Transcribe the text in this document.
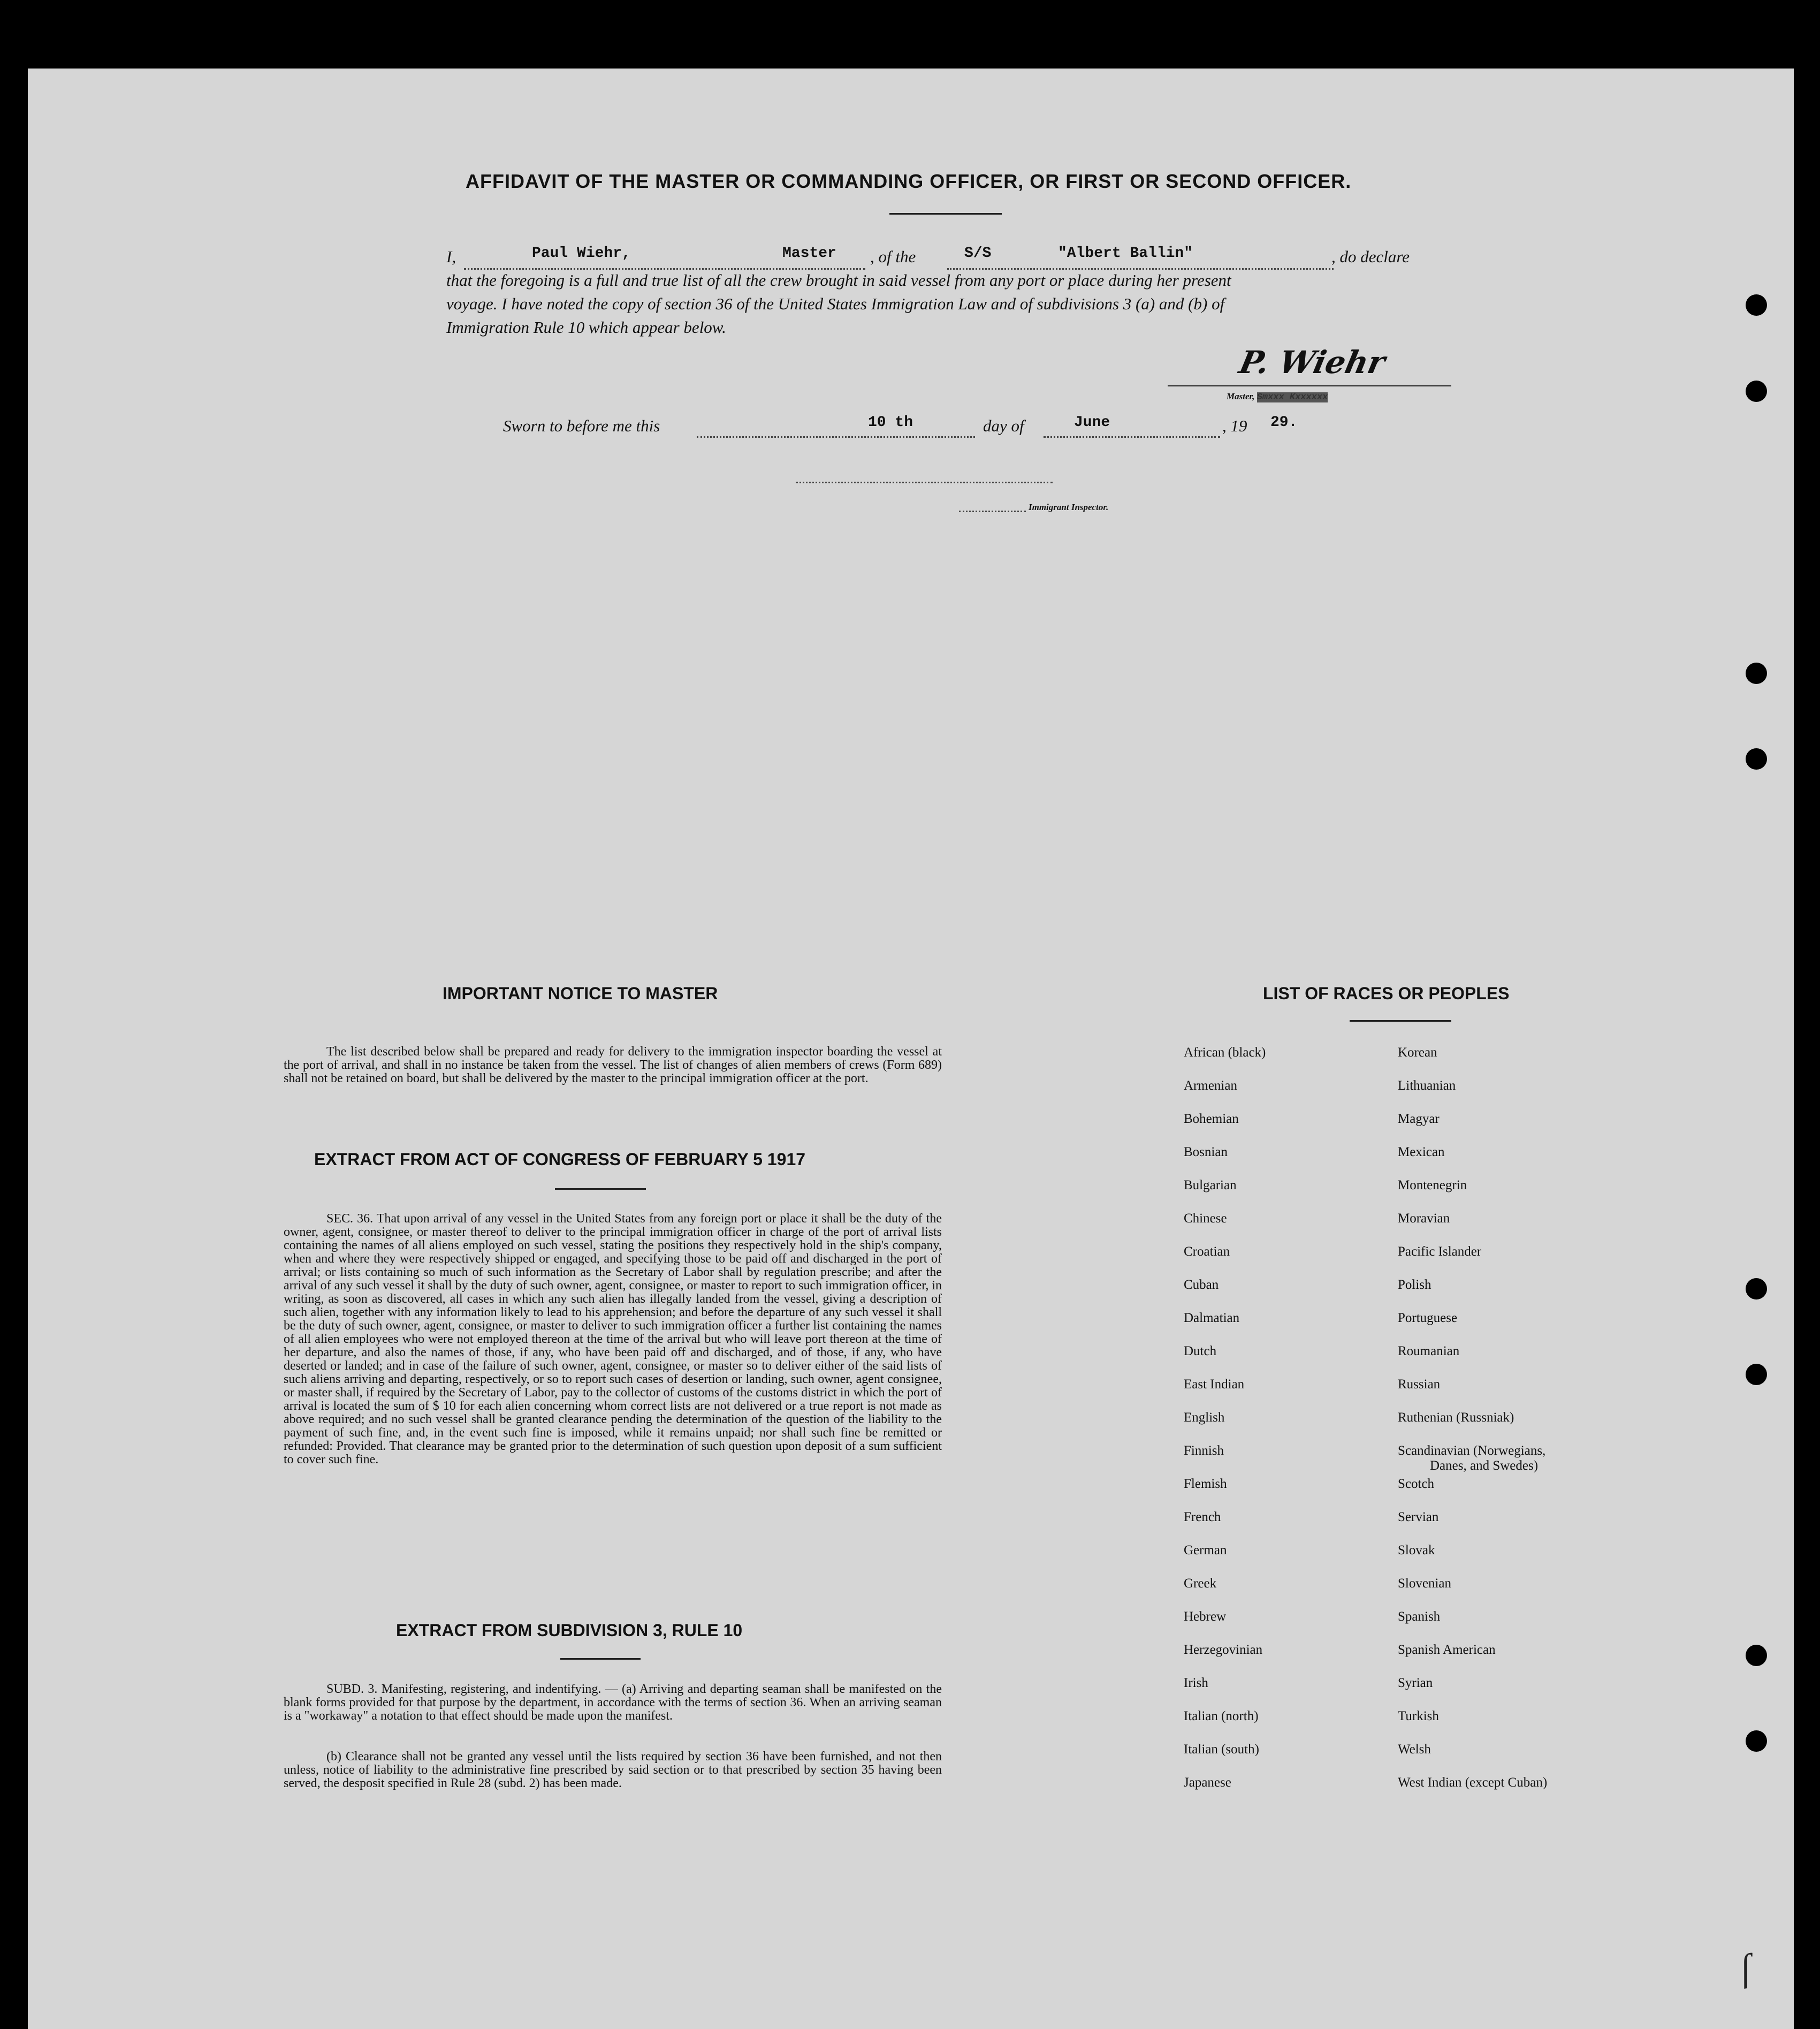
AFFIDAVIT OF THE MASTER OR COMMANDING OFFICER, OR FIRST OR SECOND OFFICER.
I,	Paul Wiehr,	Master , of the	S/S	"Albert Ballin"	, do declare
that the foregoing is a full and true list of all the crew brought in said vessel from any port or place during her present
voyage. I have noted the copy of section 36 of the United States Immigration Law and of subdivisions 3 (a) and (b) of
Immigration Rule 10 which appear below.
P. Wiehr
Master, Smxxx Kxxxxxx
Sworn to before me this	10 th	day of	June	, 19 29.
Immigrant Inspector.
IMPORTANT NOTICE TO MASTER
The list described below shall be prepared and ready for delivery to the immigration inspector boarding the vessel at the port of arrival, and shall in no instance be taken from the vessel. The list of changes of alien members of crews (Form 689) shall not be retained on board, but shall be delivered by the master to the principal immigration officer at the port.
EXTRACT FROM ACT OF CONGRESS OF FEBRUARY 5 1917
SEC. 36. That upon arrival of any vessel in the United States from any foreign port or place it shall be the duty of the owner, agent, consignee, or master thereof to deliver to the principal immigration officer in charge of the port of arrival lists containing the names of all aliens employed on such vessel, stating the positions they respectively hold in the ship's company, when and where they were respectively shipped or engaged, and specifying those to be paid off and discharged in the port of arrival; or lists containing so much of such information as the Secretary of Labor shall by regulation prescribe; and after the arrival of any such vessel it shall by the duty of such owner, agent, consignee, or master to report to such immigration officer, in writing, as soon as discovered, all cases in which any such alien has illegally landed from the vessel, giving a description of such alien, together with any information likely to lead to his apprehension; and before the departure of any such vessel it shall be the duty of such owner, agent, consignee, or master to deliver to such immigration officer a further list containing the names of all alien employees who were not employed thereon at the time of the arrival but who will leave port thereon at the time of her departure, and also the names of those, if any, who have been paid off and discharged, and of those, if any, who have deserted or landed; and in case of the failure of such owner, agent, consignee, or master so to deliver either of the said lists of such aliens arriving and departing, respectively, or so to report such cases of desertion or landing, such owner, agent consignee, or master shall, if required by the Secretary of Labor, pay to the collector of customs of the customs district in which the port of arrival is located the sum of $ 10 for each alien concerning whom correct lists are not delivered or a true report is not made as above required; and no such vessel shall be granted clearance pending the determination of the question of the liability to the payment of such fine, and, in the event such fine is imposed, while it remains unpaid; nor shall such fine be remitted or refunded: Provided. That clearance may be granted prior to the determination of such question upon deposit of a sum sufficient to cover such fine.
EXTRACT FROM SUBDIVISION 3, RULE 10
SUBD. 3. Manifesting, registering, and indentifying. — (a) Arriving and departing seaman shall be manifested on the blank forms provided for that purpose by the department, in accordance with the terms of section 36. When an arriving seaman is a "workaway" a notation to that effect should be made upon the manifest.
(b) Clearance shall not be granted any vessel until the lists required by section 36 have been furnished, and not then unless, notice of liability to the administrative fine prescribed by said section or to that prescribed by section 35 having been served, the desposit specified in Rule 28 (subd. 2) has been made.
LIST OF RACES OR PEOPLES
African (black)
Armenian
Bohemian
Bosnian
Bulgarian
Chinese
Croatian
Cuban
Dalmatian
Dutch
East Indian
English
Finnish
Flemish
French
German
Greek
Hebrew
Herzegovinian
Irish
Italian (north)
Italian (south)
Japanese
Korean
Lithuanian
Magyar
Mexican
Montenegrin
Moravian
Pacific Islander
Polish
Portuguese
Roumanian
Russian
Ruthenian (Russniak)
Scandinavian (Norwegians,
Danes, and Swedes)
Scotch
Servian
Slovak
Slovenian
Spanish
Spanish American
Syrian
Turkish
Welsh
West Indian (except Cuban)
ſ
